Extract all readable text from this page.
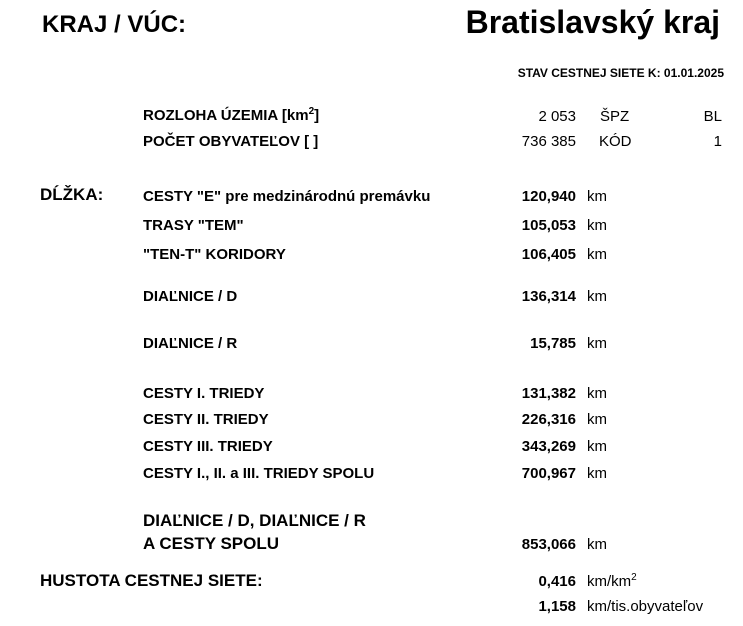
KRAJ / VÚC:	Bratislavský kraj
STAV CESTNEJ SIETE K: 01.01.2025
ROZLOHA ÚZEMIA $[km^2]$	2 053 ŠPZ	BL
POČET OBYVATEĽOV [ ]	736 385 KÓD	1
DĹŽKA:	CESTY "E" pre medzinárodnú premávku	120,940 km
TRASY "TEM"	105,053 km
"TEN-T" KORIDORY	106,405 km
DIAĽNICE / D	136,314 km
DIAĽNICE / R	15,785 km
CESTY I. TRIEDY	131,382 km
CESTY II. TRIEDY	226,316 km
CESTY III. TRIEDY	343,269 km
CESTY I., II. a III. TRIEDY SPOLU	700,967 km
DIAĽNICE / D, DIAĽNICE / R
A CESTY SPOLU	853,066 km
HUSTOTA CESTNEJ SIETE:	0,416 $km/km^2$
1,158 km/tis.obyvateľov
